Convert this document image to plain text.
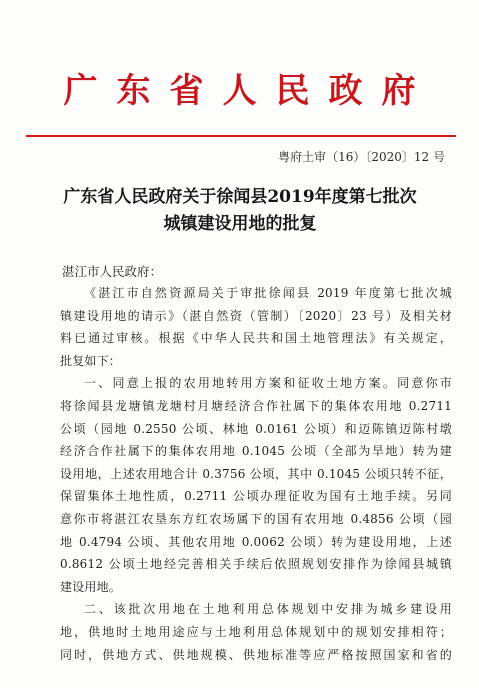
广东省人民政府
粤府土审（16）〔2020〕12 号
广东省人民政府关于徐闻县2019年度第七批次
城镇建设用地的批复
湛江市人民政府：
《湛江市自然资源局关于审批徐闻县 2019 年度第七批次城
镇建设用地的请示》（湛自然资（管制）〔2020〕23 号）及相关材
料已通过审核。根据《中华人民共和国土地管理法》有关规定，
批复如下：
一、同意上报的农用地转用方案和征收土地方案。同意你市
将徐闻县龙塘镇龙塘村月塘经济合作社属下的集体农用地 0.2711
公顷（园地 0.2550 公顷、林地 0.0161 公顷）和迈陈镇迈陈村墩
经济合作社属下的集体农用地 0.1045 公顷（全部为旱地）转为建
设用地，上述农用地合计 0.3756 公顷，其中 0.1045 公顷只转不征，
保留集体土地性质，0.2711 公顷办理征收为国有土地手续。另同
意你市将湛江农垦东方红农场属下的国有农用地 0.4856 公顷（园
地 0.4794 公顷、其他农用地 0.0062 公顷）转为建设用地，上述
0.8612 公顷土地经完善相关手续后依照规划安排作为徐闻县城镇
建设用地。
二、该批次用地在土地利用总体规划中安排为城乡建设用
地，供地时土地用途应与土地利用总体规划中的规划安排相符；
同时，供地方式、供地规模、供地标准等应严格按照国家和省的
